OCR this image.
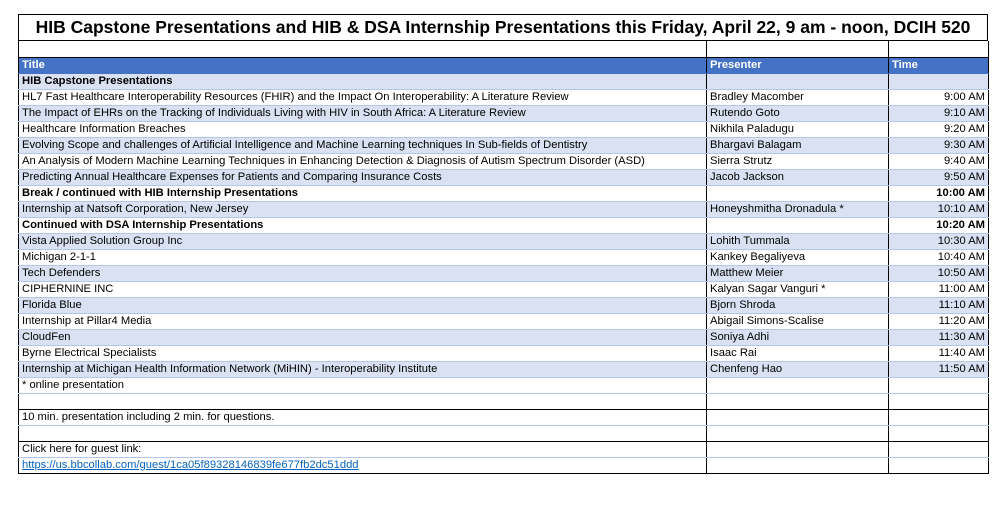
HIB Capstone Presentations and HIB & DSA Internship Presentations this Friday, April 22, 9 am - noon, DCIH 520

Title	Presenter	Time
HIB Capstone Presentations		
HL7 Fast Healthcare Interoperability Resources (FHIR) and the Impact On Interoperability: A Literature Review	Bradley Macomber	9:00 AM
The Impact of EHRs on the Tracking of Individuals Living with HIV in South Africa: A Literature Review	Rutendo Goto	9:10 AM
Healthcare Information Breaches	Nikhila Paladugu	9:20 AM
Evolving Scope and challenges of Artificial Intelligence and Machine Learning techniques In Sub-fields of Dentistry	Bhargavi Balagam	9:30 AM
An Analysis of Modern Machine Learning Techniques in Enhancing Detection & Diagnosis of Autism Spectrum Disorder (ASD)	Sierra Strutz	9:40 AM
Predicting Annual Healthcare Expenses for Patients and Comparing Insurance Costs	Jacob Jackson	9:50 AM
Break / continued with HIB Internship Presentations		10:00 AM
Internship at Natsoft Corporation, New Jersey	Honeyshmitha Dronadula *	10:10 AM
Continued with DSA Internship Presentations		10:20 AM
Vista Applied Solution Group Inc	Lohith Tummala	10:30 AM
Michigan 2-1-1	Kankey Begaliyeva	10:40 AM
Tech Defenders	Matthew Meier	10:50 AM
CIPHERNINE INC	Kalyan Sagar Vanguri *	11:00 AM
Florida Blue	Bjorn Shroda	11:10 AM
Internship at Pillar4 Media	Abigail Simons-Scalise	11:20 AM
CloudFen	Soniya Adhi	11:30 AM
Byrne Electrical Specialists	Isaac Rai	11:40 AM
Internship at Michigan Health Information Network (MiHIN) - Interoperability Institute	Chenfeng Hao	11:50 AM
* online presentation		

10 min. presentation including 2 min. for questions.		

Click here for guest link:		
https://us.bbcollab.com/guest/1ca05f89328146839fe677fb2dc51ddd		
